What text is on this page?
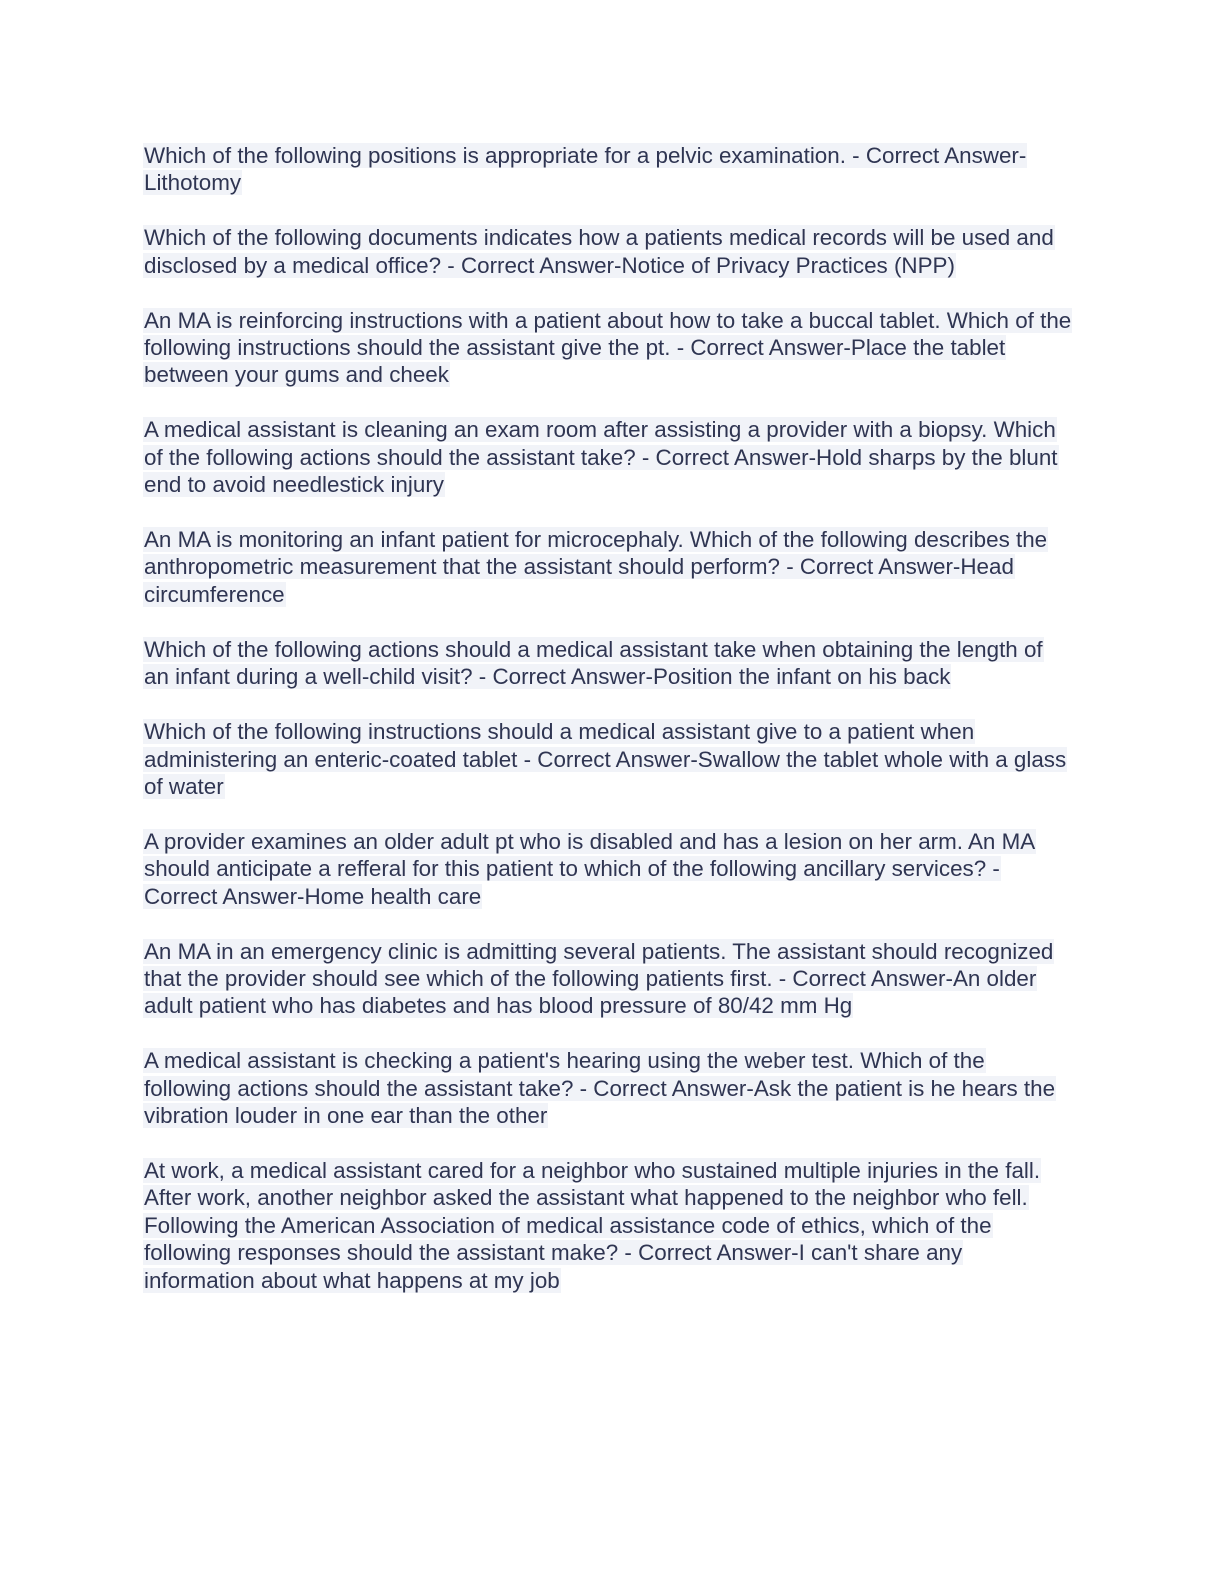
Which of the following positions is appropriate for a pelvic examination. - Correct Answer-Lithotomy

Which of the following documents indicates how a patients medical records will be used and disclosed by a medical office? - Correct Answer-Notice of Privacy Practices (NPP)

An MA is reinforcing instructions with a patient about how to take a buccal tablet. Which of the following instructions should the assistant give the pt. - Correct Answer-Place the tablet between your gums and cheek

A medical assistant is cleaning an exam room after assisting a provider with a biopsy. Which of the following actions should the assistant take? - Correct Answer-Hold sharps by the blunt end to avoid needlestick injury

An MA is monitoring an infant patient for microcephaly. Which of the following describes the anthropometric measurement that the assistant should perform? - Correct Answer-Head circumference

Which of the following actions should a medical assistant take when obtaining the length of an infant during a well-child visit? - Correct Answer-Position the infant on his back

Which of the following instructions should a medical assistant give to a patient when administering an enteric-coated tablet - Correct Answer-Swallow the tablet whole with a glass of water

A provider examines an older adult pt who is disabled and has a lesion on her arm. An MA should anticipate a refferal for this patient to which of the following ancillary services? - Correct Answer-Home health care

An MA in an emergency clinic is admitting several patients. The assistant should recognized that the provider should see which of the following patients first. - Correct Answer-An older adult patient who has diabetes and has blood pressure of 80/42 mm Hg

A medical assistant is checking a patient's hearing using the weber test. Which of the following actions should the assistant take? - Correct Answer-Ask the patient is he hears the vibration louder in one ear than the other

At work, a medical assistant cared for a neighbor who sustained multiple injuries in the fall. After work, another neighbor asked the assistant what happened to the neighbor who fell. Following the American Association of medical assistance code of ethics, which of the following responses should the assistant make? - Correct Answer-I can't share any information about what happens at my job
